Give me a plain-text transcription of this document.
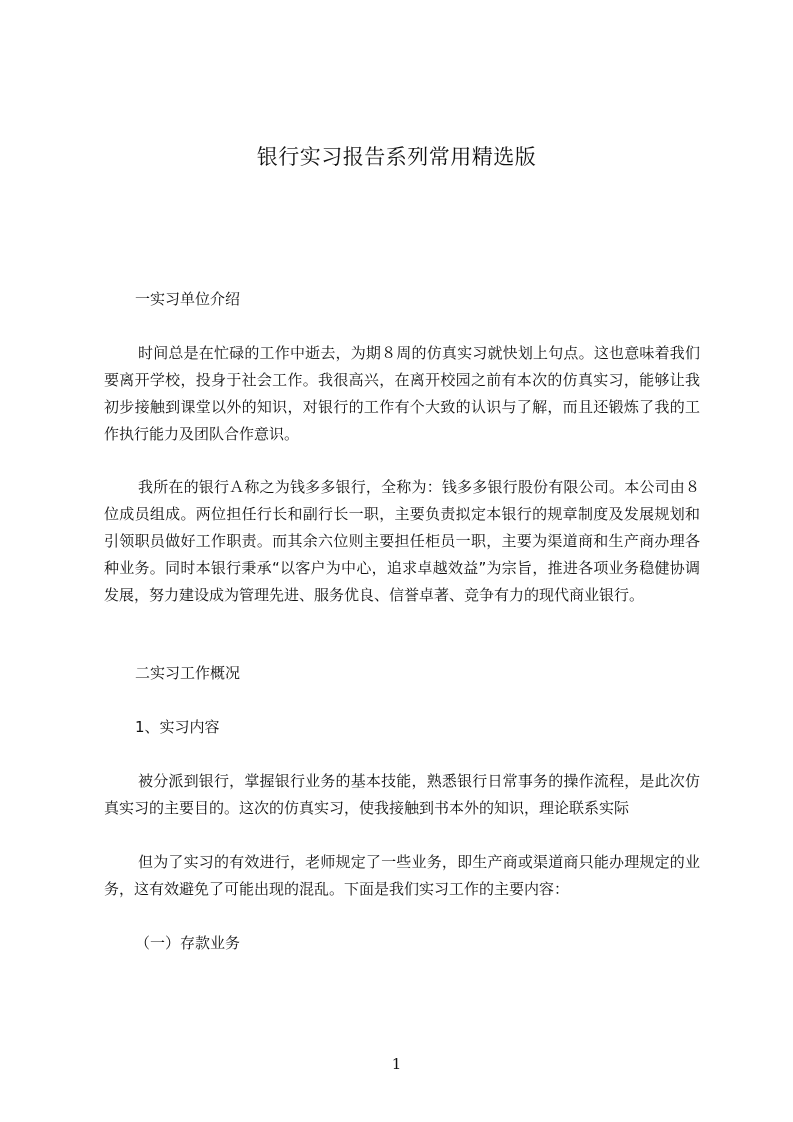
银行实习报告系列常用精选版

一实习单位介绍

时间总是在忙碌的工作中逝去，为期８周的仿真实习就快划上句点。这也意味着我们要离开学校，投身于社会工作。我很高兴，在离开校园之前有本次的仿真实习，能够让我初步接触到课堂以外的知识，对银行的工作有个大致的认识与了解，而且还锻炼了我的工作执行能力及团队合作意识。

我所在的银行Ａ称之为钱多多银行，全称为：钱多多银行股份有限公司。本公司由８位成员组成。两位担任行长和副行长一职，主要负责拟定本银行的规章制度及发展规划和引领职员做好工作职责。而其余六位则主要担任柜员一职，主要为渠道商和生产商办理各种业务。同时本银行秉承“以客户为中心，追求卓越效益”为宗旨，推进各项业务稳健协调发展，努力建设成为管理先进、服务优良、信誉卓著、竞争有力的现代商业银行。

二实习工作概况

1、实习内容

被分派到银行，掌握银行业务的基本技能，熟悉银行日常事务的操作流程，是此次仿真实习的主要目的。这次的仿真实习，使我接触到书本外的知识，理论联系实际

但为了实习的有效进行，老师规定了一些业务，即生产商或渠道商只能办理规定的业务，这有效避免了可能出现的混乱。下面是我们实习工作的主要内容：

（一）存款业务

1
